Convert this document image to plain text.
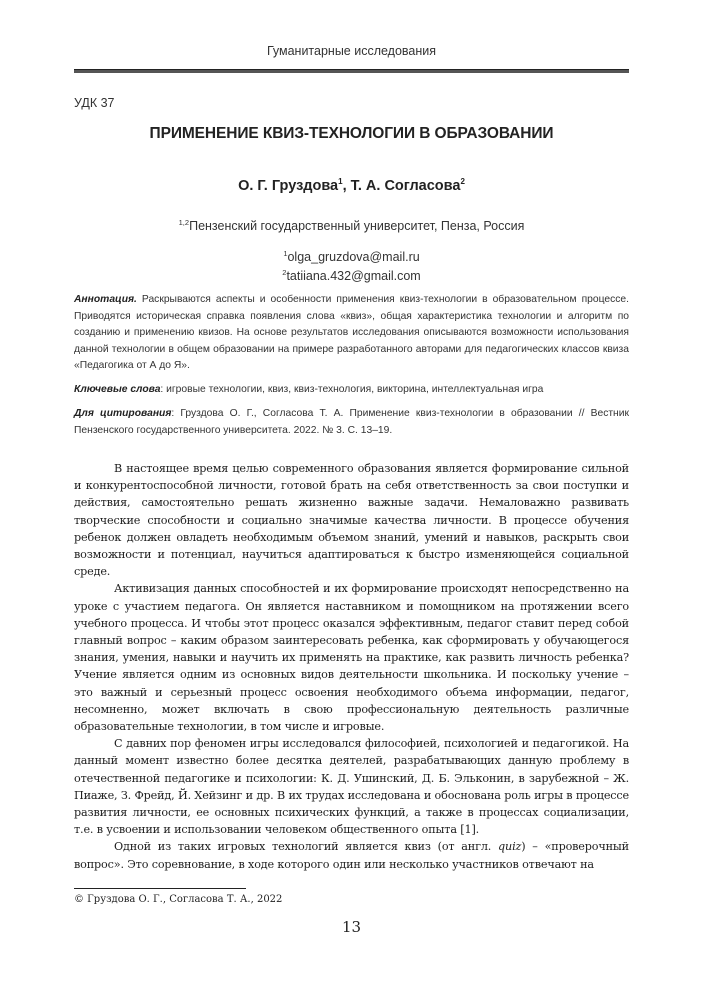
Гуманитарные исследования
УДК 37
ПРИМЕНЕНИЕ КВИЗ-ТЕХНОЛОГИИ В ОБРАЗОВАНИИ
О. Г. Груздова$^1$, Т. А. Согласова$^2$
$^{1,2}$Пензенский государственный университет, Пенза, Россия
$^1$olga_gruzdova@mail.ru
$^2$tatiiana.432@gmail.com
Аннотация. Раскрываются аспекты и особенности применения квиз-технологии в образовательном процессе. Приводятся историческая справка появления слова «квиз», общая характеристика технологии и алгоритм по созданию и применению квизов. На основе результатов исследования описываются возможности использования данной технологии в общем образовании на примере разработанного авторами для педагогических классов квиза «Педагогика от А до Я».
Ключевые слова: игровые технологии, квиз, квиз-технология, викторина, интеллектуальная игра
Для цитирования: Груздова О. Г., Согласова Т. А. Применение квиз-технологии в образовании // Вестник Пензенского государственного университета. 2022. № 3. С. 13–19.

В настоящее время целью современного образования является формирование сильной и конкурентоспособной личности, готовой брать на себя ответственность за свои поступки и действия, самостоятельно решать жизненно важные задачи. Немаловажно развивать творческие способности и социально значимые качества личности. В процессе обучения ребенок должен овладеть необходимым объемом знаний, умений и навыков, раскрыть свои возможности и потенциал, научиться адаптироваться к быстро изменяющейся социальной среде.

Активизация данных способностей и их формирование происходят непосредственно на уроке с участием педагога. Он является наставником и помощником на протяжении всего учебного процесса. И чтобы этот процесс оказался эффективным, педагог ставит перед собой главный вопрос – каким образом заинтересовать ребенка, как сформировать у обучающегося знания, умения, навыки и научить их применять на практике, как развить личность ребенка? Учение является одним из основных видов деятельности школьника. И поскольку учение – это важный и серьезный процесс освоения необходимого объема информации, педагог, несомненно, может включать в свою профессиональную деятельность различные образовательные технологии, в том числе и игровые.

С давних пор феномен игры исследовался философией, психологией и педагогикой. На данный момент известно более десятка деятелей, разрабатывающих данную проблему в отечественной педагогике и психологии: К. Д. Ушинский, Д. Б. Эльконин, в зарубежной – Ж. Пиаже, З. Фрейд, Й. Хейзинг и др. В их трудах исследована и обоснована роль игры в процессе развития личности, ее основных психических функций, а также в процессах социализации, т.е. в усвоении и использовании человеком общественного опыта [1].

Одной из таких игровых технологий является квиз (от англ. quiz) – «проверочный вопрос». Это соревнование, в ходе которого один или несколько участников отвечают на

© Груздова О. Г., Согласова Т. А., 2022
13
